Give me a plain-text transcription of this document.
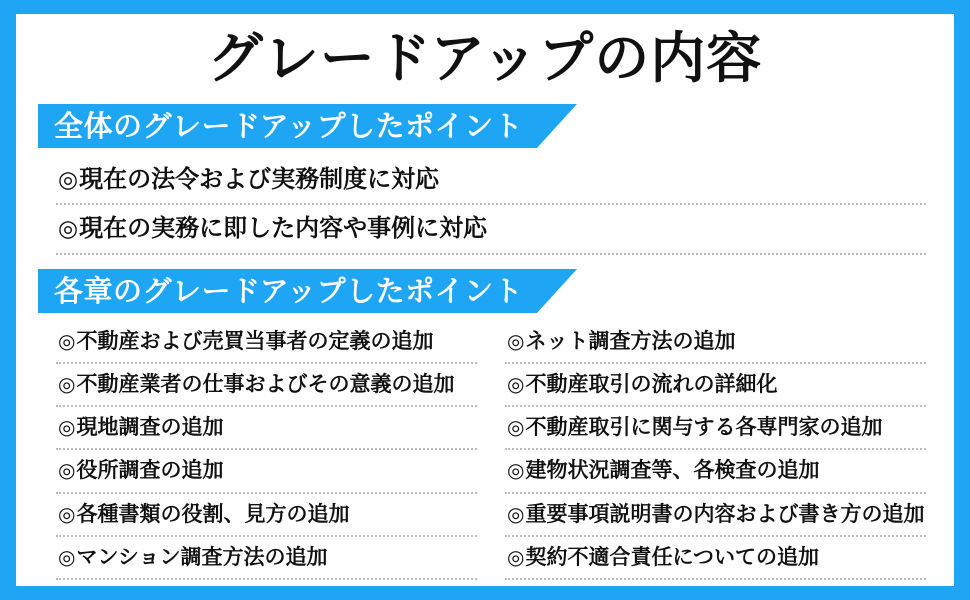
グレードアップの内容
全体のグレードアップしたポイント
◎現在の法令および実務制度に対応
◎現在の実務に即した内容や事例に対応
各章のグレードアップしたポイント
◎不動産および売買当事者の定義の追加
◎不動産業者の仕事およびその意義の追加
◎現地調査の追加
◎役所調査の追加
◎各種書類の役割、見方の追加
◎マンション調査方法の追加
◎ネット調査方法の追加
◎不動産取引の流れの詳細化
◎不動産取引に関与する各専門家の追加
◎建物状況調査等、各検査の追加
◎重要事項説明書の内容および書き方の追加
◎契約不適合責任についての追加
